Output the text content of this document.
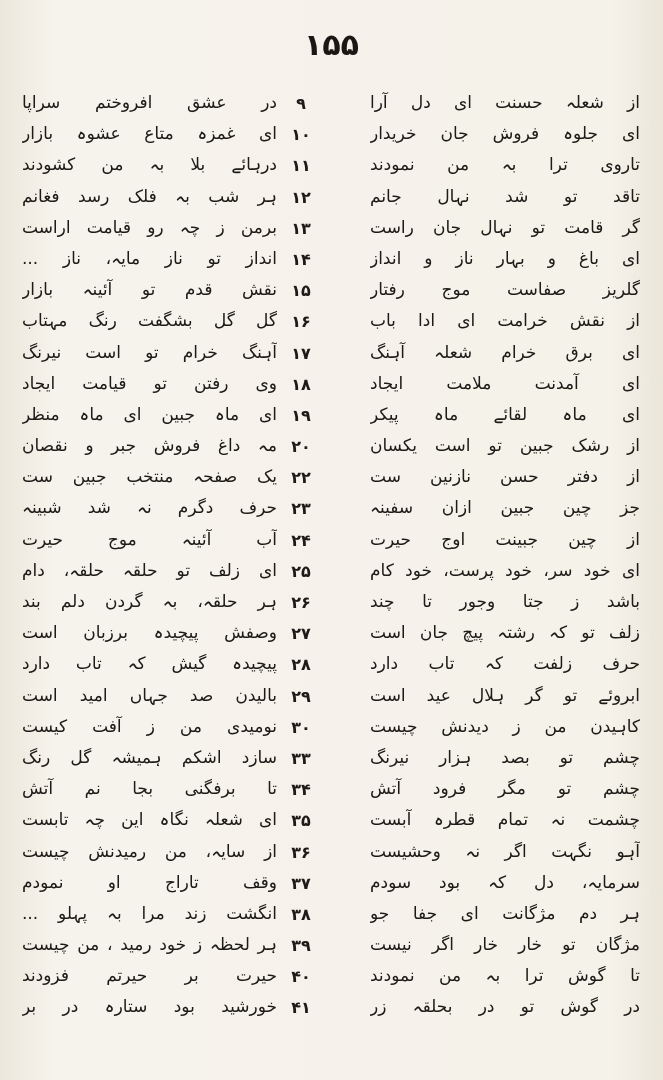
۱۵۵
در عشق افروختم سراپا	۹	از شعلہ حسنت ای دل آرا
ای غمزہ متاع عشوہ بازار ۱۰	ای جلوہ فروش جان خریدار
درہائے بلا بہ من کشودند ۱۱	تاروی ترا بہ من نمودند
ہر شب بہ فلک رسد فغانم ۱۲	تاقد تو شد نہال جانم
برمن ز چہ رو قیامت اراست ۱۳	گر قامت تو نہال جان راست
انداز تو ناز مایہ، ناز ... ۱۴	ای باغ و بہار ناز و انداز
نقش قدم تو آئینہ بازار ۱۵	گلریز صفاست موج رفتار
گل گل بشگفت رنگ مہتاب ۱۶	از نقش خرامت ای ادا باب
آہنگ خرام تو است نیرنگ ۱۷	ای برق خرام شعلہ آہنگ
وی رفتن تو قیامت ایجاد ۱۸	ای آمدنت ملامت ایجاد
ای ماہ جبین ای ماہ منظر ۱۹	ای ماہ لقائے ماہ پیکر
مہ داغ فروش جبر و نقصان ۲۰	از رشک جبین تو است یکسان
یک صفحہ منتخب جبین ست ۲۲	از دفتر حسن نازنین ست
حرف دگرم نہ شد شبینہ ۲۳	جز چین جبین ازان سفینہ
آب آئینہ موج حیرت ۲۴	از چین جبینت اوج حیرت
ای زلف تو حلقہ حلقہ، دام ۲۵	ای خود سر، خود پرست، خود کام
ہر حلقہ، بہ گردن دلم بند ۲۶	باشد ز جتا وجور تا چند
وصفش پیچیدہ برزبان است ۲۷	زلف تو کہ رشتہ پیچ جان است
پیچیدہ گیش کہ تاب دارد ۲۸	حرف زلفت کہ تاب دارد
بالیدن صد جہاں امید است ۲۹	ابروئے تو گر ہلال عید است
نومیدی من ز آفت کیست ۳۰	کاہیدن من ز دیدنش چیست
سازد اشکم ہمیشہ گل رنگ ۳۳	چشم تو بصد ہزار نیرنگ
تا برفگنی بجا نم آتش ۳۴	چشم تو مگر فرود آتش
ای شعلہ نگاہ این چہ تابست ۳۵	چشمت نہ تمام قطرہ آبست
از سایہ، من رمیدنش چیست ۳۶	آہو نگہت اگر نہ وحشیست
وقف تاراج او نمودم ۳۷	سرمایہ، دل کہ بود سودم
انگشت زند مرا بہ پہلو ... ۳۸	ہر دم مژگانت ای جفا جو
ہر لحظہ ز خود رمید ، من چیست ۳۹	مژگان تو خار خار اگر نیست
حیرت بر حیرتم فزودند ۴۰	تا گوش ترا بہ من نمودند
خورشید بود ستارہ در بر ۴۱	در گوش تو در بحلقہ زر
